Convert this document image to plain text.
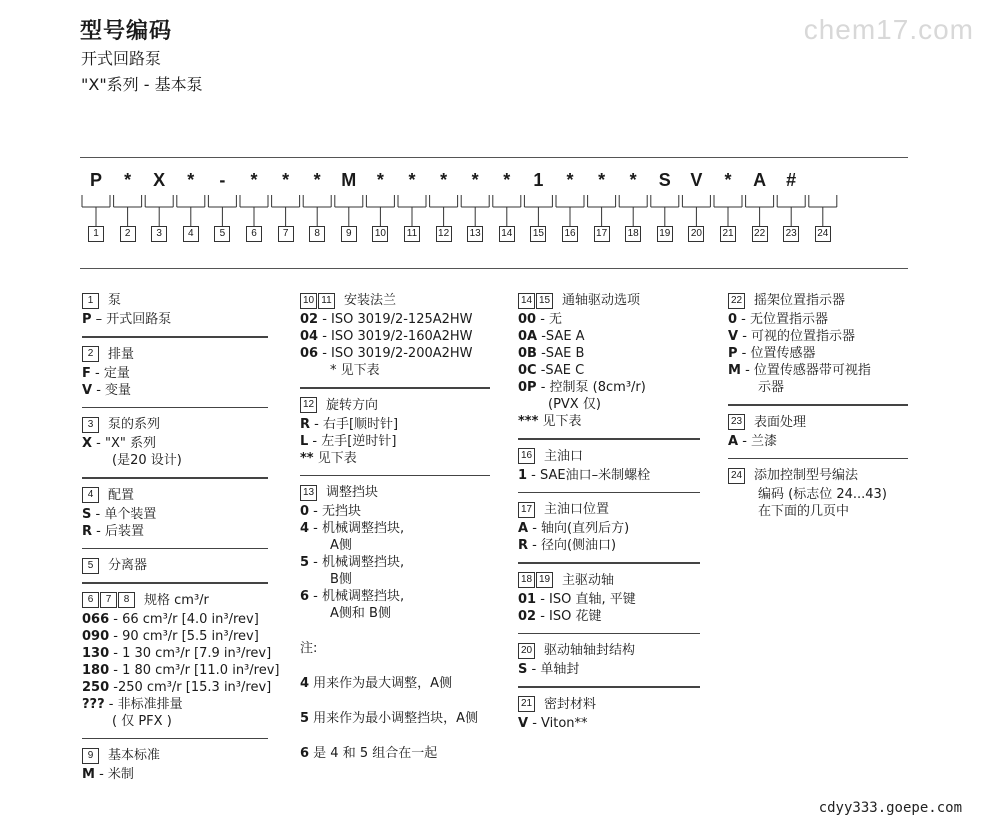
型号编码
开式回路泵
"X"系列 - 基本泵
chem17.com
P	*	X	*	-	*	*	*	M	*	*	*	*	*	1	*	*	*	S V	*	A #
1	2	3	4	5	6	7	8	9	10 11 12 13 14 15 16 17 18 19 20 21 22 23 24
1	泵
P – 开式回路泵
2	排量
F - 定量
V - 变量
3	泵的系列
X - "X" 系列
(是20 设计)
4	配置
S - 单个装置
R - 后装置
5	分离器
6	7	8	规格 cm³/r
066 - 66 cm³/r [4.0 in³/rev]
090 - 90 cm³/r [5.5 in³/rev]
130 - 1 30 cm³/r [7.9 in³/rev]
180 - 1 80 cm³/r [11.0 in³/rev]
250 -250 cm³/r [15.3 in³/rev]
??? - 非标准排量
( 仅 PFX )
9	基本标准
M - 米制
10 11 安装法兰
02 - ISO 3019/2-125A2HW
04 - ISO 3019/2-160A2HW
06 - ISO 3019/2-200A2HW
* 见下表
12 旋转方向
R - 右手[顺时针]
L - 左手[逆时针]
** 见下表
13 调整挡块
0 - 无挡块
4 - 机械调整挡块,
A侧
5 - 机械调整挡块,
B侧
6 - 机械调整挡块,
A侧和 B侧
注:
4 用来作为最大调整，A侧
5 用来作为最小调整挡块，A侧
6 是 4 和 5 组合在一起
14 15 通轴驱动选项
00 - 无
0A -SAE A
0B -SAE B
0C -SAE C
0P - 控制泵 (8cm³/r)
(PVX 仅)
*** 见下表
16 主油口
1 - SAE油口–米制螺栓
17 主油口位置
A - 轴向(直列后方)
R - 径向(侧油口)
18 19 主驱动轴
01 - ISO 直轴, 平键
02 - ISO 花键
20 驱动轴轴封结构
S - 单轴封
21 密封材料
V - Viton**
22 摇架位置指示器
0 - 无位置指示器
V - 可视的位置指示器
P - 位置传感器
M - 位置传感器带可视指
示器
23 表面处理
A - 兰漆
24 添加控制型号编法
编码 (标志位 24...43)
在下面的几页中
cdyy333.goepe.com
